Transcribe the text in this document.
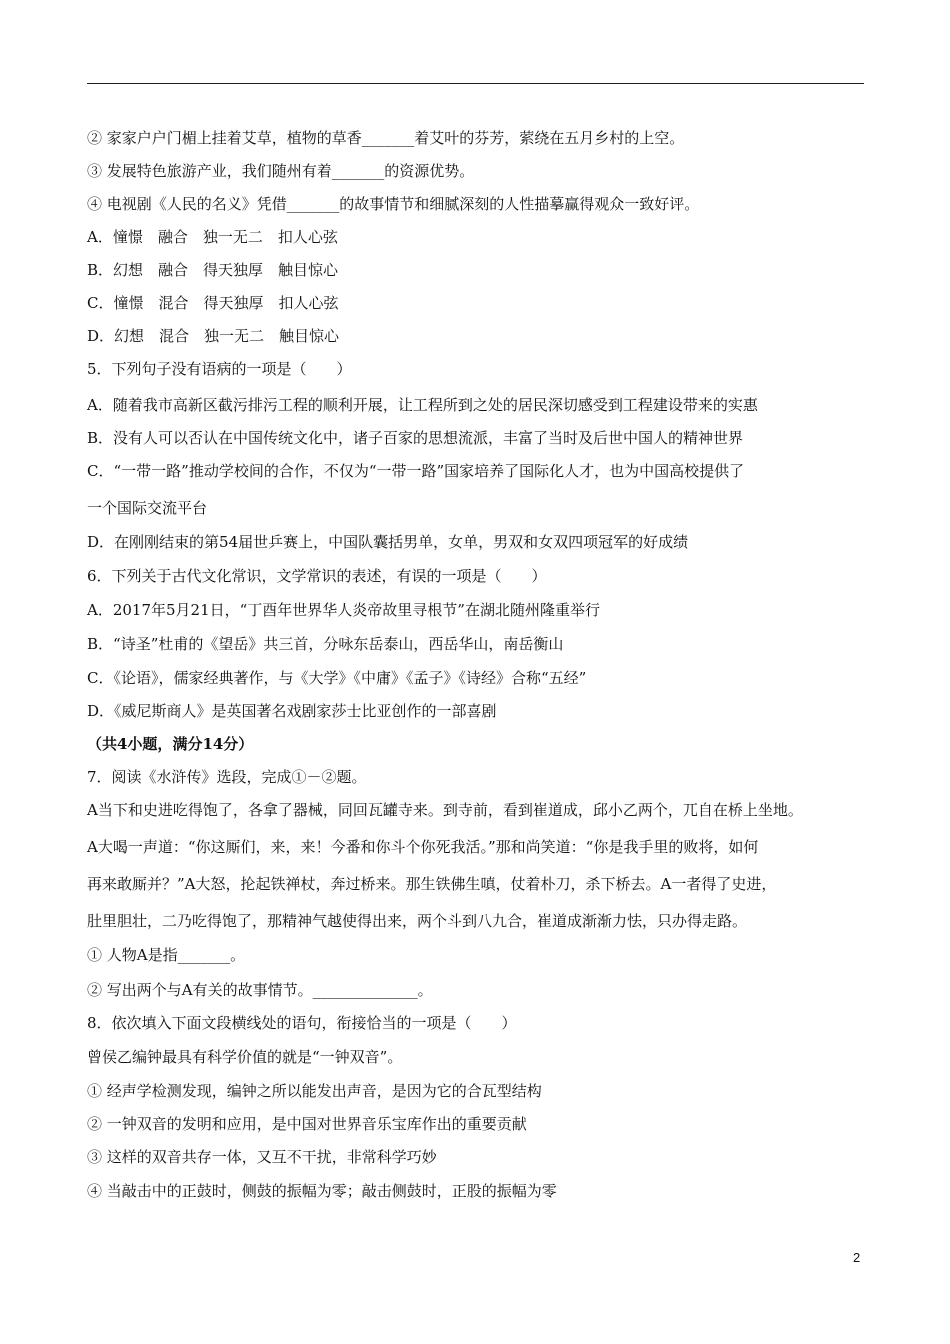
② 家家户户门楣上挂着艾草，植物的草香_______着艾叶的芬芳，萦绕在五月乡村的上空。
③ 发展特色旅游产业，我们随州有着_______的资源优势。
④ 电视剧《人民的名义》凭借_______的故事情节和细腻深刻的人性描摹赢得观众一致好评。
A．憧憬　融合　独一无二　扣人心弦
B．幻想　融合　得天独厚　触目惊心
C．憧憬　混合　得天独厚　扣人心弦
D．幻想　混合　独一无二　触目惊心
5．下列句子没有语病的一项是（　　）
A．随着我市高新区截污排污工程的顺利开展，让工程所到之处的居民深切感受到工程建设带来的实惠
B．没有人可以否认在中国传统文化中，诸子百家的思想流派，丰富了当时及后世中国人的精神世界
C．“一带一路”推动学校间的合作，不仅为“一带一路”国家培养了国际化人才，也为中国高校提供了
一个国际交流平台
D．在刚刚结束的第54届世乒赛上，中国队囊括男单，女单，男双和女双四项冠军的好成绩
6．下列关于古代文化常识，文学常识的表述，有误的一项是（　　）
A．2017年5月21日，“丁酉年世界华人炎帝故里寻根节”在湖北随州隆重举行
B．“诗圣”杜甫的《望岳》共三首，分咏东岳泰山，西岳华山，南岳衡山
C．《论语》，儒家经典著作，与《大学》《中庸》《孟子》《诗经》合称“五经”
D．《威尼斯商人》是英国著名戏剧家莎士比亚创作的一部喜剧
（共4小题，满分14分）
7．阅读《水浒传》选段，完成①－②题。
A当下和史进吃得饱了，各拿了器械，同回瓦罐寺来。到寺前，看到崔道成，邱小乙两个，兀自在桥上坐地。
A大喝一声道：“你这厮们，来，来！今番和你斗个你死我活。”那和尚笑道：“你是我手里的败将，如何
再来敢厮并？”A大怒，抡起铁禅杖，奔过桥来。那生铁佛生嗔，仗着朴刀，杀下桥去。A一者得了史进，
肚里胆壮，二乃吃得饱了，那精神气越使得出来，两个斗到八九合，崔道成渐渐力怯，只办得走路。
① 人物A是指_______。
② 写出两个与A有关的故事情节。______________。
8．依次填入下面文段横线处的语句，衔接恰当的一项是（　　）
曾侯乙编钟最具有科学价值的就是“一钟双音”。
① 经声学检测发现，编钟之所以能发出声音，是因为它的合瓦型结构
② 一钟双音的发明和应用，是中国对世界音乐宝库作出的重要贡献
③ 这样的双音共存一体，又互不干扰，非常科学巧妙
④ 当敲击中的正鼓时，侧鼓的振幅为零；敲击侧鼓时，正股的振幅为零
2
